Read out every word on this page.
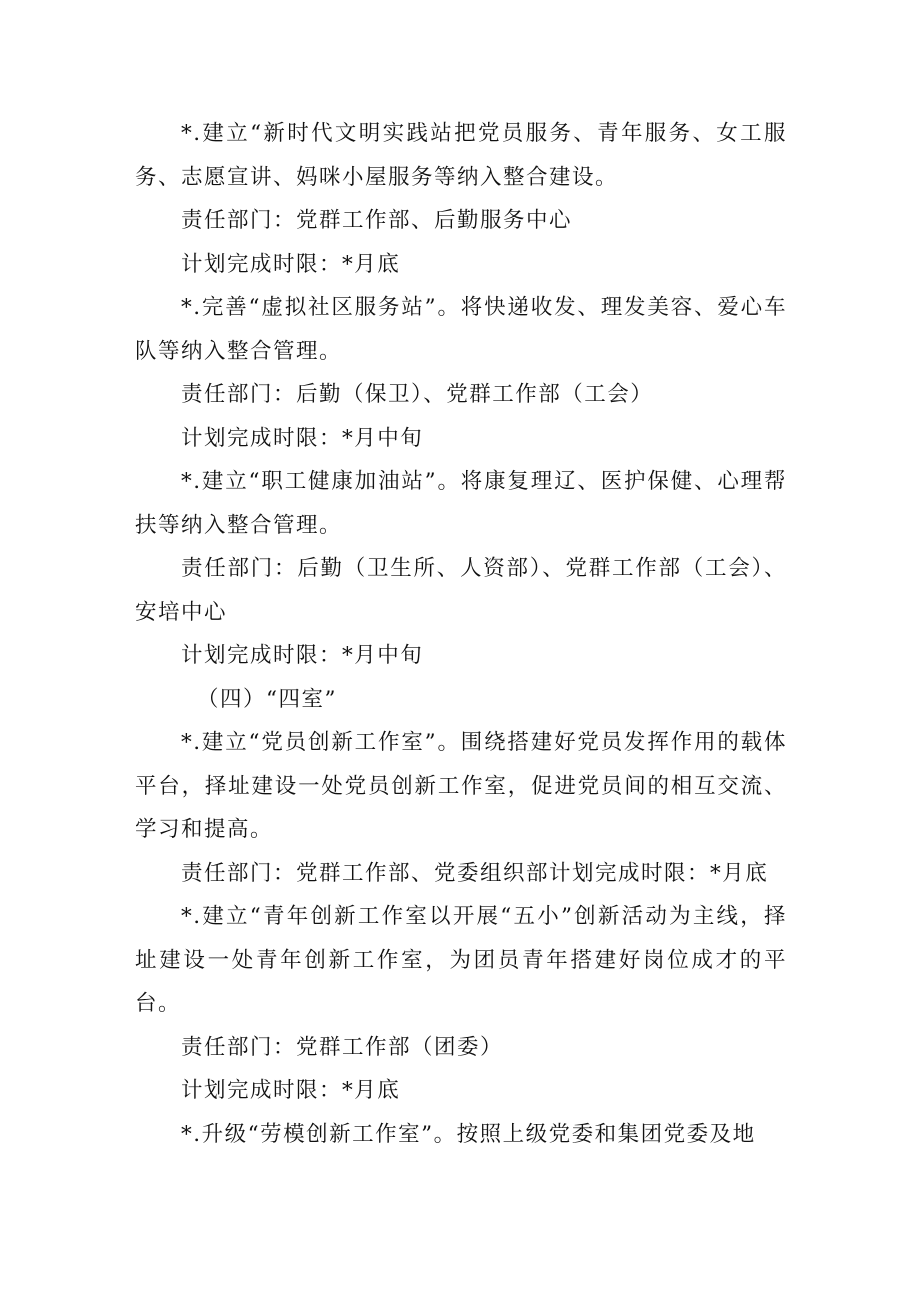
*.建立“新时代文明实践站把党员服务、青年服务、女工服务、志愿宣讲、妈咪小屋服务等纳入整合建设。

责任部门：党群工作部、后勤服务中心

计划完成时限：*月底

*.完善“虚拟社区服务站”。将快递收发、理发美容、爱心车队等纳入整合管理。

责任部门：后勤（保卫）、党群工作部（工会）

计划完成时限：*月中旬

*.建立“职工健康加油站”。将康复理辽、医护保健、心理帮扶等纳入整合管理。

责任部门：后勤（卫生所、人资部）、党群工作部（工会）、安培中心

计划完成时限：*月中旬

（四）“四室”

*.建立“党员创新工作室”。围绕搭建好党员发挥作用的载体平台，择址建设一处党员创新工作室，促进党员间的相互交流、学习和提高。

责任部门：党群工作部、党委组织部计划完成时限：*月底

*.建立“青年创新工作室以开展“五小”创新活动为主线，择址建设一处青年创新工作室，为团员青年搭建好岗位成才的平台。

责任部门：党群工作部（团委）

计划完成时限：*月底

*.升级“劳模创新工作室”。按照上级党委和集团党委及地
